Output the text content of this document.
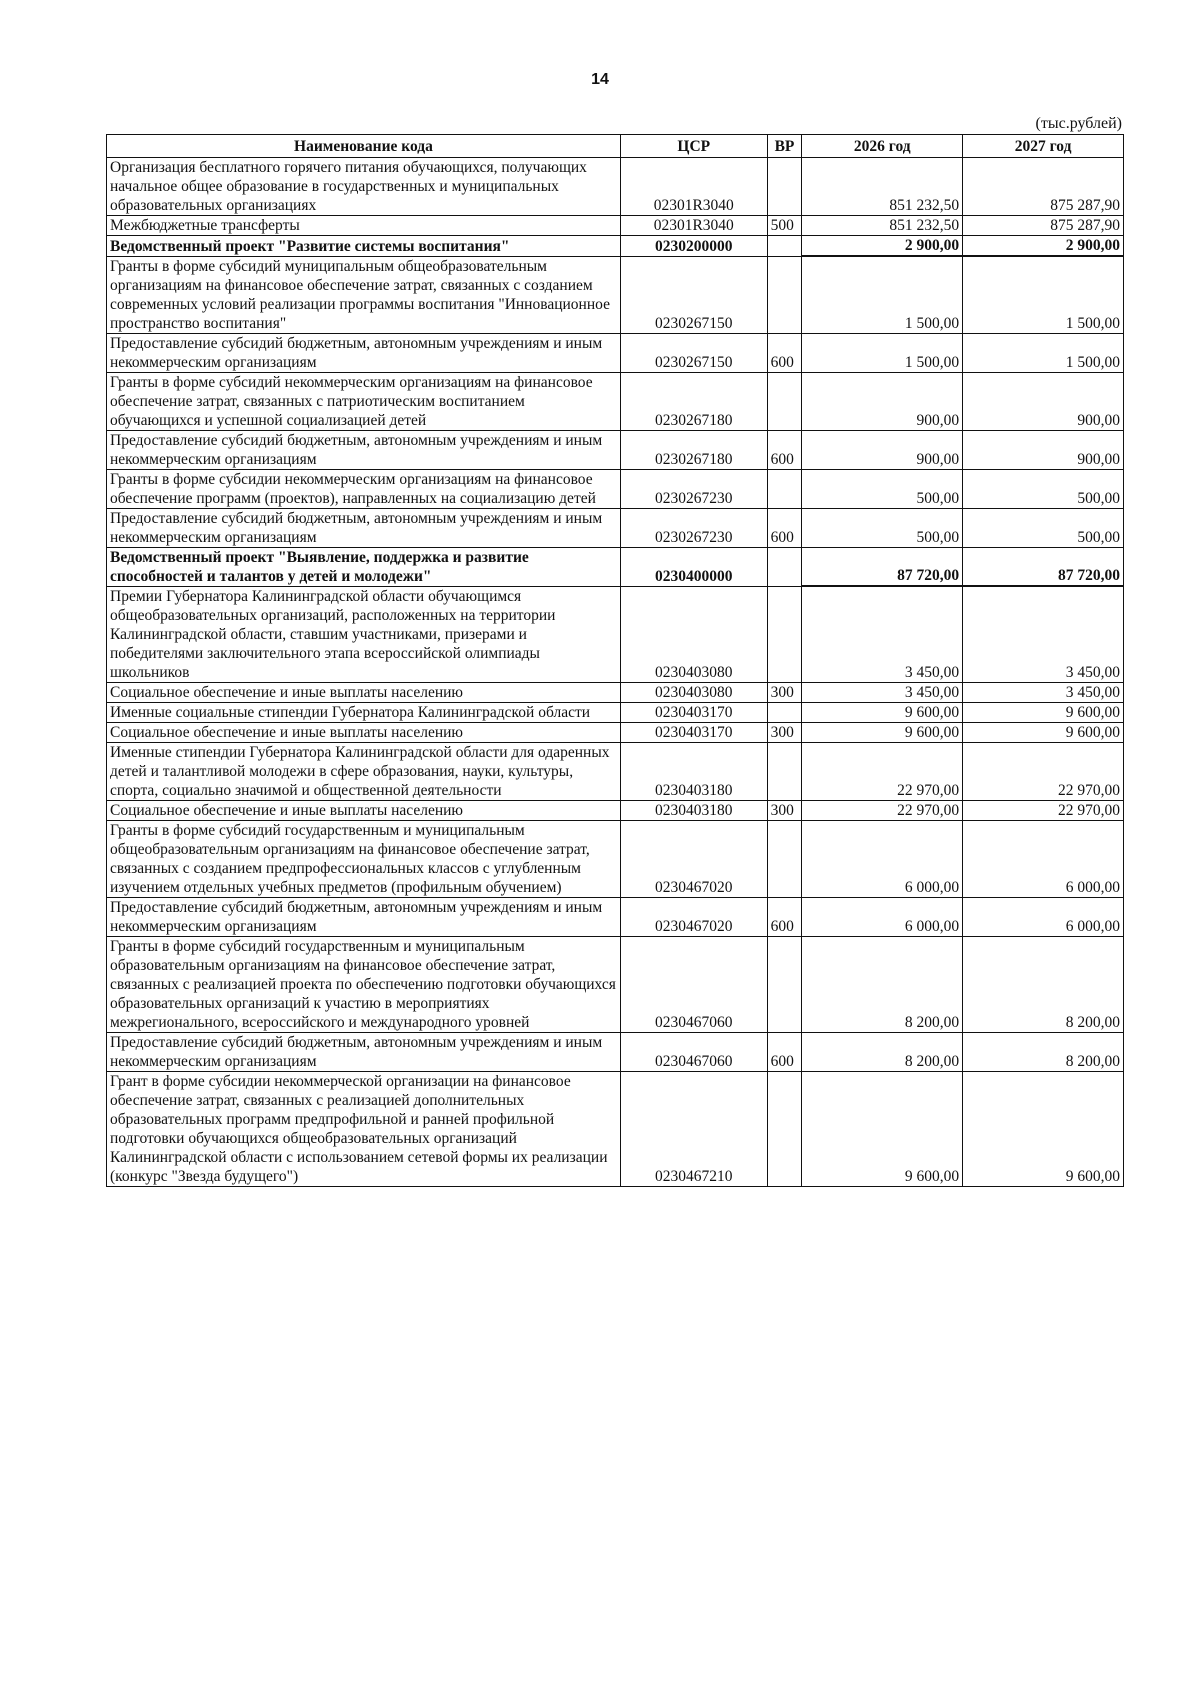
14
(тыс.рублей)
Наименование кода	ЦСР	ВР	2026 год	2027 год
Организация бесплатного горячего питания обучающихся, получающих начальное общее образование в государственных и муниципальных образовательных организациях	02301R3040		851 232,50	875 287,90
Межбюджетные трансферты	02301R3040	500	851 232,50	875 287,90
Ведомственный проект "Развитие системы воспитания"	0230200000		2 900,00	2 900,00
Гранты в форме субсидий муниципальным общеобразовательным организациям на финансовое обеспечение затрат, связанных с созданием современных условий реализации программы воспитания "Инновационное пространство воспитания"	0230267150		1 500,00	1 500,00
Предоставление субсидий бюджетным, автономным учреждениям и иным некоммерческим организациям	0230267150	600	1 500,00	1 500,00
Гранты в форме субсидий некоммерческим организациям на финансовое обеспечение затрат, связанных с патриотическим воспитанием обучающихся и успешной социализацией детей	0230267180		900,00	900,00
Предоставление субсидий бюджетным, автономным учреждениям и иным некоммерческим организациям	0230267180	600	900,00	900,00
Гранты в форме субсидии некоммерческим организациям на финансовое обеспечение программ (проектов), направленных на социализацию детей	0230267230		500,00	500,00
Предоставление субсидий бюджетным, автономным учреждениям и иным некоммерческим организациям	0230267230	600	500,00	500,00
Ведомственный проект "Выявление, поддержка и развитие способностей и талантов у детей и молодежи"	0230400000		87 720,00	87 720,00
Премии Губернатора Калининградской области обучающимся общеобразовательных организаций, расположенных на территории Калининградской области, ставшим участниками, призерами и победителями заключительного этапа всероссийской олимпиады школьников	0230403080		3 450,00	3 450,00
Социальное обеспечение и иные выплаты населению	0230403080	300	3 450,00	3 450,00
Именные социальные стипендии Губернатора Калининградской области	0230403170		9 600,00	9 600,00
Социальное обеспечение и иные выплаты населению	0230403170	300	9 600,00	9 600,00
Именные стипендии Губернатора Калининградской области для одаренных детей и талантливой молодежи в сфере образования, науки, культуры, спорта, социально значимой и общественной деятельности	0230403180		22 970,00	22 970,00
Социальное обеспечение и иные выплаты населению	0230403180	300	22 970,00	22 970,00
Гранты в форме субсидий государственным и муниципальным общеобразовательным организациям на финансовое обеспечение затрат, связанных с созданием предпрофессиональных классов с углубленным изучением отдельных учебных предметов (профильным обучением)	0230467020		6 000,00	6 000,00
Предоставление субсидий бюджетным, автономным учреждениям и иным некоммерческим организациям	0230467020	600	6 000,00	6 000,00
Гранты в форме субсидий государственным и муниципальным образовательным организациям на финансовое обеспечение затрат, связанных с реализацией проекта по обеспечению подготовки обучающихся образовательных организаций к участию в мероприятиях межрегионального, всероссийского и международного уровней	0230467060		8 200,00	8 200,00
Предоставление субсидий бюджетным, автономным учреждениям и иным некоммерческим организациям	0230467060	600	8 200,00	8 200,00
Грант в форме субсидии некоммерческой организации на финансовое обеспечение затрат, связанных с реализацией дополнительных образовательных программ предпрофильной и ранней профильной подготовки обучающихся общеобразовательных организаций Калининградской области с использованием сетевой формы их реализации (конкурс "Звезда будущего")	0230467210		9 600,00	9 600,00
